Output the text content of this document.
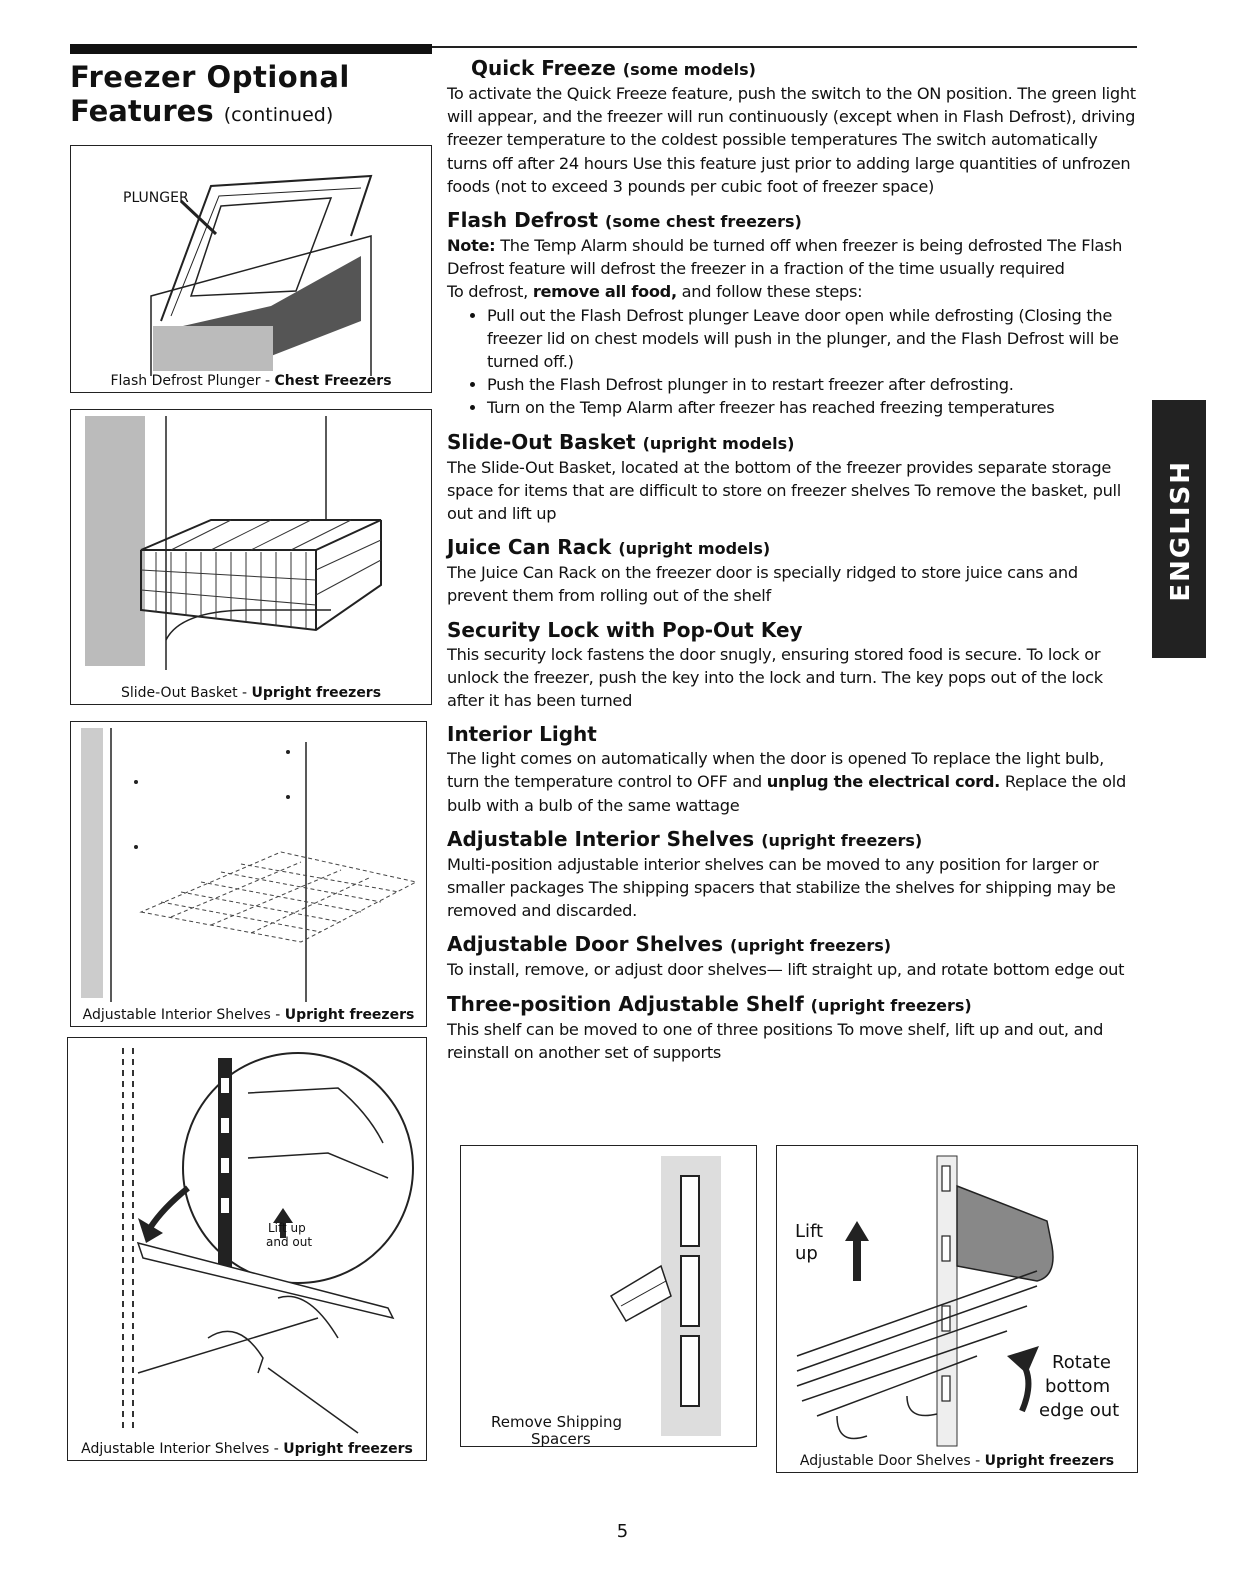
Freezer Optional
Features (continued)
PLUNGER
Flash Defrost Plunger - Chest Freezers
Slide-Out Basket - Upright freezers
Adjustable Interior Shelves - Upright freezers
Lift up
and out
Adjustable Interior Shelves - Upright freezers
Quick Freeze (some models)

To activate the Quick Freeze feature, push the switch to the ON position. The green light will appear, and the freezer will run continuously (except when in Flash Defrost), driving freezer temperature to the coldest possible temperatures The switch automatically turns off after 24 hours Use this feature just prior to adding large quantities of unfrozen foods (not to exceed 3 pounds per cubic foot of freezer space)

Flash Defrost (some chest freezers)

Note: The Temp Alarm should be turned off when freezer is being defrosted The Flash Defrost feature will defrost the freezer in a fraction of the time usually required

To defrost, remove all food, and follow these steps:

• Pull out the Flash Defrost plunger Leave door open while defrosting (Closing the freezer lid on chest models will push in the plunger, and the Flash Defrost will be turned off.)
• Push the Flash Defrost plunger in to restart freezer after defrosting.
• Turn on the Temp Alarm after freezer has reached freezing temperatures
Slide-Out Basket (upright models)

The Slide-Out Basket, located at the bottom of the freezer provides separate storage space for items that are difficult to store on freezer shelves To remove the basket, pull out and lift up

Juice Can Rack (upright models)

The Juice Can Rack on the freezer door is specially ridged to store juice cans and prevent them from rolling out of the shelf

Security Lock with Pop-Out Key

This security lock fastens the door snugly, ensuring stored food is secure. To lock or unlock the freezer, push the key into the lock and turn. The key pops out of the lock after it has been turned

Interior Light

The light comes on automatically when the door is opened To replace the light bulb, turn the temperature control to OFF and unplug the electrical cord. Replace the old bulb with a bulb of the same wattage

Adjustable Interior Shelves (upright freezers)

Multi-position adjustable interior shelves can be moved to any position for larger or smaller packages The shipping spacers that stabilize the shelves for shipping may be removed and discarded.

Adjustable Door Shelves (upright freezers)

To install, remove, or adjust door shelves— lift straight up, and rotate bottom edge out

Three-position Adjustable Shelf (upright freezers)

This shelf can be moved to one of three positions To move shelf, lift up and out, and reinstall on another set of supports

Remove Shipping
Spacers
Lift
up
Rotate
bottom
edge out
Adjustable Door Shelves - Upright freezers
ENGLISH
5
